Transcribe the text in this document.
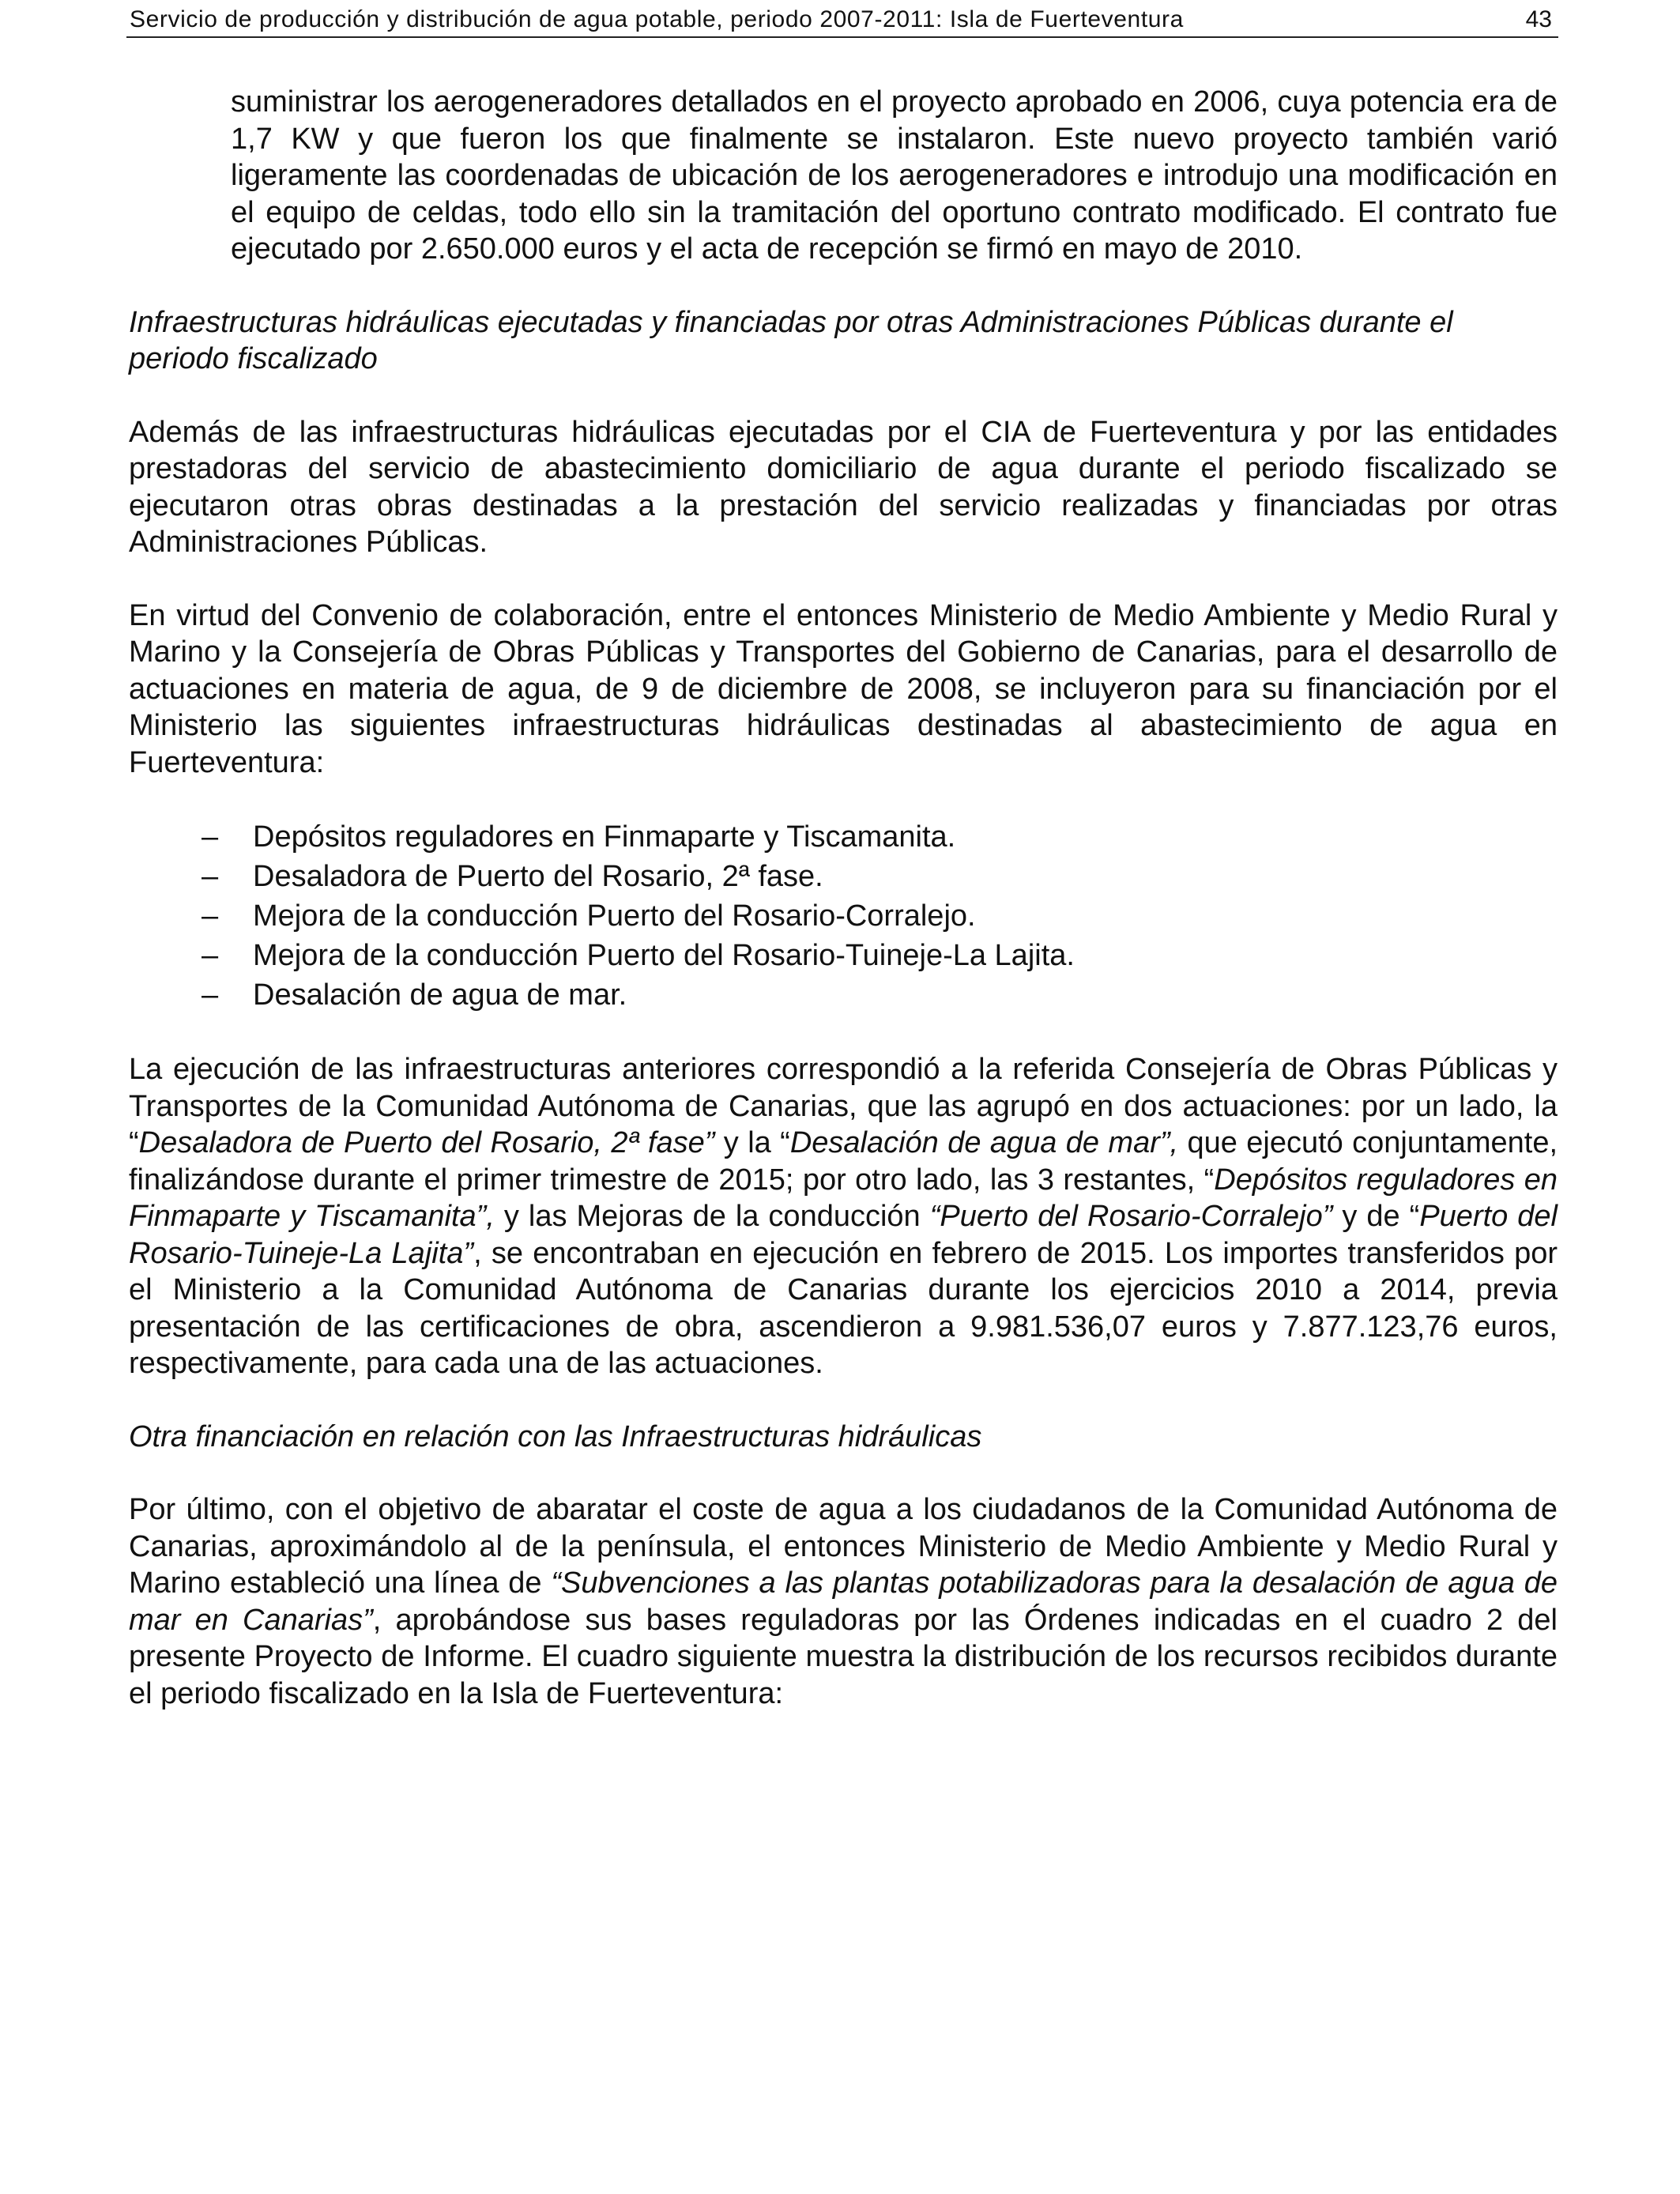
Servicio de producción y distribución de agua potable, periodo 2007-2011: Isla de Fuerteventura	43

suministrar los aerogeneradores detallados en el proyecto aprobado en 2006, cuya potencia era de 1,7 KW y que fueron los que finalmente se instalaron. Este nuevo proyecto también varió ligeramente las coordenadas de ubicación de los aerogeneradores e introdujo una modificación en el equipo de celdas, todo ello sin la tramitación del oportuno contrato modificado. El contrato fue ejecutado por 2.650.000 euros y el acta de recepción se firmó en mayo de 2010.

Infraestructuras hidráulicas ejecutadas y financiadas por otras Administraciones Públicas durante el periodo fiscalizado

Además de las infraestructuras hidráulicas ejecutadas por el CIA de Fuerteventura y por las entidades prestadoras del servicio de abastecimiento domiciliario de agua durante el periodo fiscalizado se ejecutaron otras obras destinadas a la prestación del servicio realizadas y financiadas por otras Administraciones Públicas.

En virtud del Convenio de colaboración, entre el entonces Ministerio de Medio Ambiente y Medio Rural y Marino y la Consejería de Obras Públicas y Transportes del Gobierno de Canarias, para el desarrollo de actuaciones en materia de agua, de 9 de diciembre de 2008, se incluyeron para su financiación por el Ministerio las siguientes infraestructuras hidráulicas destinadas al abastecimiento de agua en Fuerteventura:

– Depósitos reguladores en Finmaparte y Tiscamanita.
– Desaladora de Puerto del Rosario, 2ª fase.
– Mejora de la conducción Puerto del Rosario-Corralejo.
– Mejora de la conducción Puerto del Rosario-Tuineje-La Lajita.
– Desalación de agua de mar.

La ejecución de las infraestructuras anteriores correspondió a la referida Consejería de Obras Públicas y Transportes de la Comunidad Autónoma de Canarias, que las agrupó en dos actuaciones: por un lado, la “Desaladora de Puerto del Rosario, 2ª fase” y la “Desalación de agua de mar”, que ejecutó conjuntamente, finalizándose durante el primer trimestre de 2015; por otro lado, las 3 restantes, “Depósitos reguladores en Finmaparte y Tiscamanita”, y las Mejoras de la conducción “Puerto del Rosario-Corralejo” y de “Puerto del Rosario-Tuineje-La Lajita”, se encontraban en ejecución en febrero de 2015. Los importes transferidos por el Ministerio a la Comunidad Autónoma de Canarias durante los ejercicios 2010 a 2014, previa presentación de las certificaciones de obra, ascendieron a 9.981.536,07 euros y 7.877.123,76 euros, respectivamente, para cada una de las actuaciones.

Otra financiación en relación con las Infraestructuras hidráulicas

Por último, con el objetivo de abaratar el coste de agua a los ciudadanos de la Comunidad Autónoma de Canarias, aproximándolo al de la península, el entonces Ministerio de Medio Ambiente y Medio Rural y Marino estableció una línea de “Subvenciones a las plantas potabilizadoras para la desalación de agua de mar en Canarias”, aprobándose sus bases reguladoras por las Órdenes indicadas en el cuadro 2 del presente Proyecto de Informe. El cuadro siguiente muestra la distribución de los recursos recibidos durante el periodo fiscalizado en la Isla de Fuerteventura:
